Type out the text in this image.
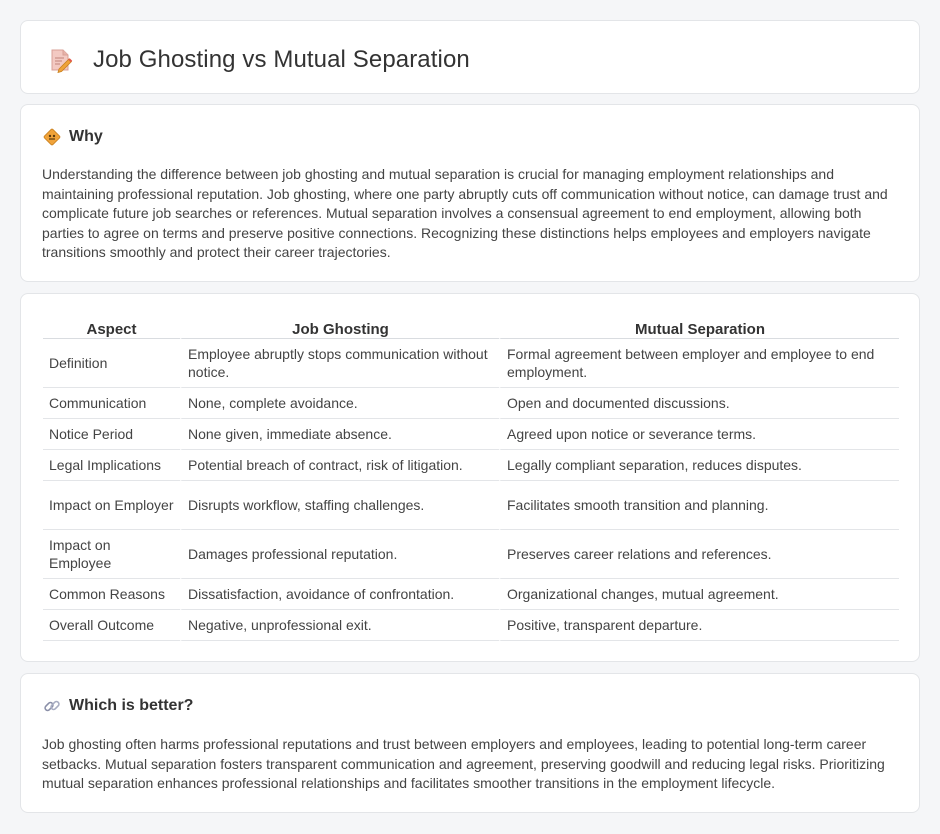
Job Ghosting vs Mutual Separation
Why

Understanding the difference between job ghosting and mutual separation is crucial for managing employment relationships and maintaining professional reputation. Job ghosting, where one party abruptly cuts off communication without notice, can damage trust and complicate future job searches or references. Mutual separation involves a consensual agreement to end employment, allowing both parties to agree on terms and preserve positive connections. Recognizing these distinctions helps employees and employers navigate transitions smoothly and protect their career trajectories.

Aspect	Job Ghosting	Mutual Separation
Definition	Employee abruptly stops communication without notice.	Formal agreement between employer and employee to end employment.
Communication	None, complete avoidance.	Open and documented discussions.
Notice Period	None given, immediate absence.	Agreed upon notice or severance terms.
Legal Implications	Potential breach of contract, risk of litigation.	Legally compliant separation, reduces disputes.
Impact on Employer	Disrupts workflow, staffing challenges.	Facilitates smooth transition and planning.
Impact on Employee	Damages professional reputation.	Preserves career relations and references.
Common Reasons	Dissatisfaction, avoidance of confrontation.	Organizational changes, mutual agreement.
Overall Outcome	Negative, unprofessional exit.	Positive, transparent departure.
Which is better?

Job ghosting often harms professional reputations and trust between employers and employees, leading to potential long-term career setbacks. Mutual separation fosters transparent communication and agreement, preserving goodwill and reducing legal risks. Prioritizing mutual separation enhances professional relationships and facilitates smoother transitions in the employment lifecycle.
